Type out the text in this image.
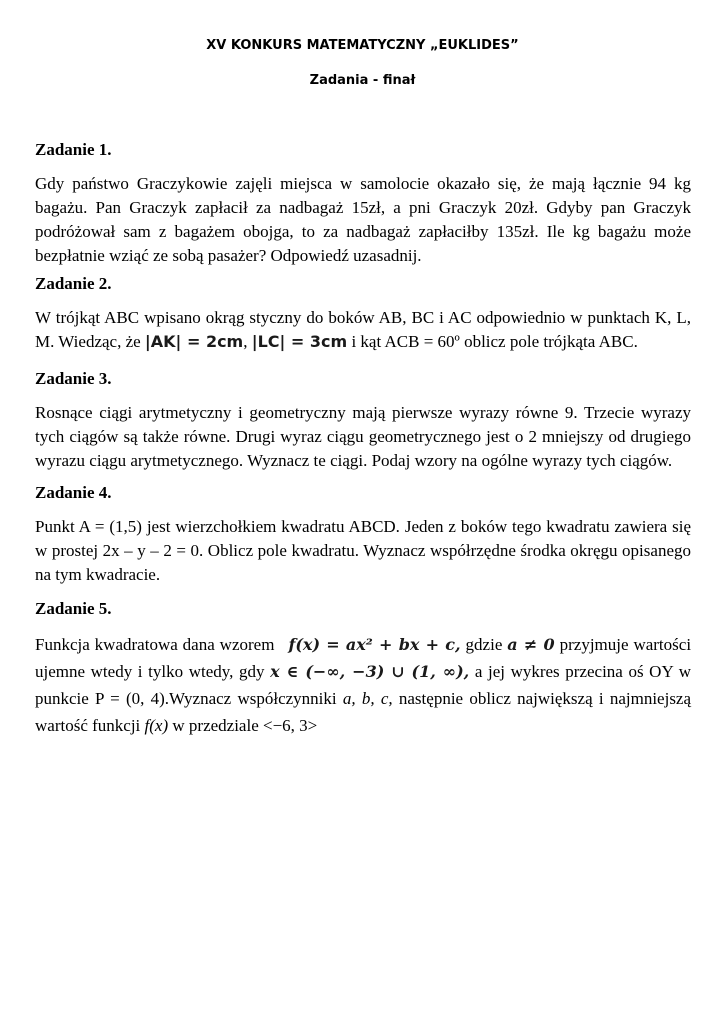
XV KONKURS MATEMATYCZNY „EUKLIDES”
Zadania - finał

Zadanie 1.

Gdy państwo Graczykowie zajęli miejsca w samolocie okazało się, że mają łącznie 94 kg bagażu. Pan Graczyk zapłacił za nadbagaż 15zł, a pni Graczyk 20zł. Gdyby pan Graczyk podróżował sam z bagażem obojga, to za nadbagaż zapłaciłby 135zł. Ile kg bagażu może bezpłatnie wziąć ze sobą pasażer? Odpowiedź uzasadnij.

Zadanie 2.

W trójkąt ABC wpisano okrąg styczny do boków AB, BC i AC odpowiednio w punktach K, L, M. Wiedząc, że |AK| = 2cm, |LC| = 3cm i kąt ACB = 60º oblicz pole trójkąta ABC.

Zadanie 3.

Rosnące ciągi arytmetyczny i geometryczny mają pierwsze wyrazy równe 9. Trzecie wyrazy tych ciągów są także równe. Drugi wyraz ciągu geometrycznego jest o 2 mniejszy od drugiego wyrazu ciągu arytmetycznego. Wyznacz te ciągi. Podaj wzory na ogólne wyrazy tych ciągów.

Zadanie 4.

Punkt A = (1,5) jest wierzchołkiem kwadratu ABCD. Jeden z boków tego kwadratu zawiera się w prostej 2x – y – 2 = 0. Oblicz pole kwadratu. Wyznacz współrzędne środka okręgu opisanego na tym kwadracie.

Zadanie 5.

Funkcja kwadratowa dana wzorem f(x) = ax² + bx + c, gdzie a ≠ 0 przyjmuje wartości ujemne wtedy i tylko wtedy, gdy x ∈ (−∞, −3) ∪ (1, ∞), a jej wykres przecina oś OY w punkcie P = (0, 4).Wyznacz współczynniki a, b, c, następnie oblicz największą i najmniejszą wartość funkcji f(x) w przedziale <−6, 3>
